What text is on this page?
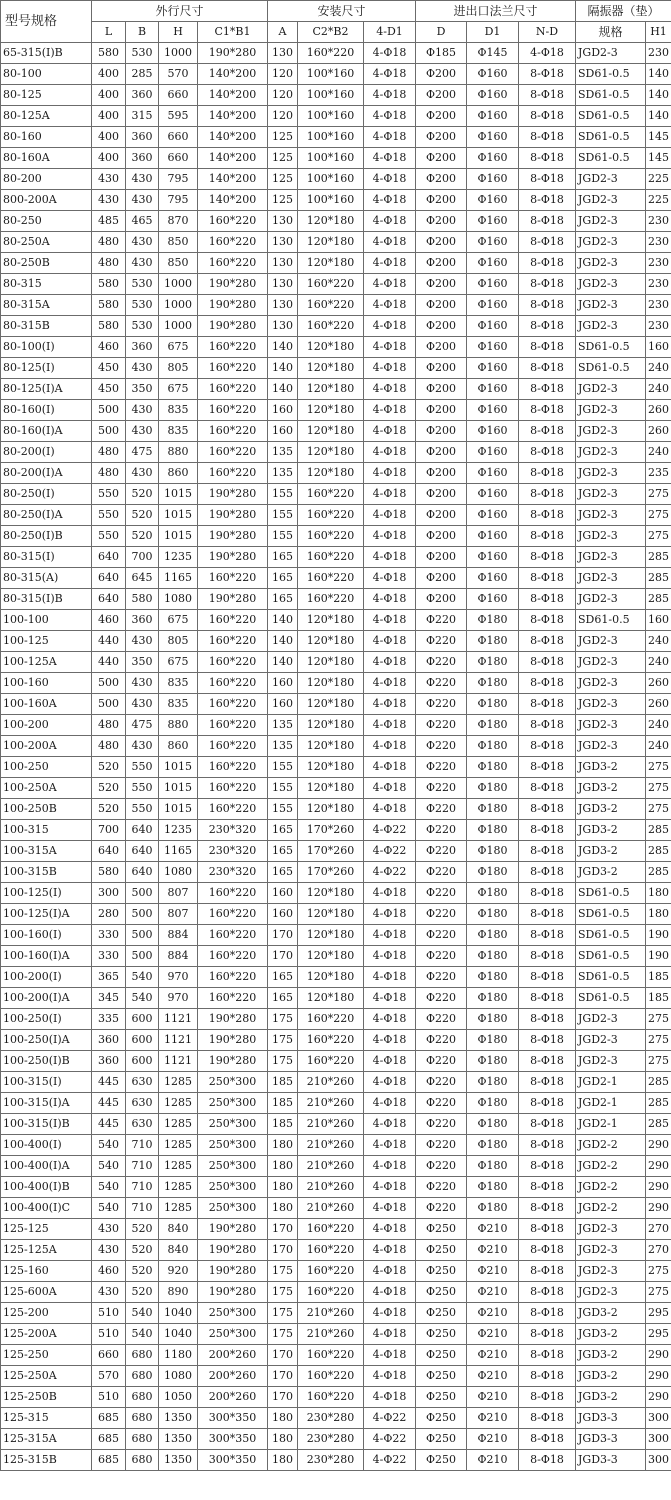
型号规格	外行尺寸				安装尺寸			进出口法兰尺寸			隔振器（垫）	
	L	B	H	C1*B1	A	C2*B2	4-D1	D	D1	N-D	规格	H1
65-315(I)B	580	530	1000	190*280	130	160*220	4-Φ18	Φ185	Φ145	4-Φ18	JGD2-3	230
80-100	400	285	570	140*200	120	100*160	4-Φ18	Φ200	Φ160	8-Φ18	SD61-0.5	140
80-125	400	360	660	140*200	120	100*160	4-Φ18	Φ200	Φ160	8-Φ18	SD61-0.5	140
80-125A	400	315	595	140*200	120	100*160	4-Φ18	Φ200	Φ160	8-Φ18	SD61-0.5	140
80-160	400	360	660	140*200	125	100*160	4-Φ18	Φ200	Φ160	8-Φ18	SD61-0.5	145
80-160A	400	360	660	140*200	125	100*160	4-Φ18	Φ200	Φ160	8-Φ18	SD61-0.5	145
80-200	430	430	795	140*200	125	100*160	4-Φ18	Φ200	Φ160	8-Φ18	JGD2-3	225
800-200A	430	430	795	140*200	125	100*160	4-Φ18	Φ200	Φ160	8-Φ18	JGD2-3	225
80-250	485	465	870	160*220	130	120*180	4-Φ18	Φ200	Φ160	8-Φ18	JGD2-3	230
80-250A	480	430	850	160*220	130	120*180	4-Φ18	Φ200	Φ160	8-Φ18	JGD2-3	230
80-250B	480	430	850	160*220	130	120*180	4-Φ18	Φ200	Φ160	8-Φ18	JGD2-3	230
80-315	580	530	1000	190*280	130	160*220	4-Φ18	Φ200	Φ160	8-Φ18	JGD2-3	230
80-315A	580	530	1000	190*280	130	160*220	4-Φ18	Φ200	Φ160	8-Φ18	JGD2-3	230
80-315B	580	530	1000	190*280	130	160*220	4-Φ18	Φ200	Φ160	8-Φ18	JGD2-3	230
80-100(I)	460	360	675	160*220	140	120*180	4-Φ18	Φ200	Φ160	8-Φ18	SD61-0.5	160
80-125(I)	450	430	805	160*220	140	120*180	4-Φ18	Φ200	Φ160	8-Φ18	SD61-0.5	240
80-125(I)A	450	350	675	160*220	140	120*180	4-Φ18	Φ200	Φ160	8-Φ18	JGD2-3	240
80-160(I)	500	430	835	160*220	160	120*180	4-Φ18	Φ200	Φ160	8-Φ18	JGD2-3	260
80-160(I)A	500	430	835	160*220	160	120*180	4-Φ18	Φ200	Φ160	8-Φ18	JGD2-3	260
80-200(I)	480	475	880	160*220	135	120*180	4-Φ18	Φ200	Φ160	8-Φ18	JGD2-3	240
80-200(I)A	480	430	860	160*220	135	120*180	4-Φ18	Φ200	Φ160	8-Φ18	JGD2-3	235
80-250(I)	550	520	1015	190*280	155	160*220	4-Φ18	Φ200	Φ160	8-Φ18	JGD2-3	275
80-250(I)A	550	520	1015	190*280	155	160*220	4-Φ18	Φ200	Φ160	8-Φ18	JGD2-3	275
80-250(I)B	550	520	1015	190*280	155	160*220	4-Φ18	Φ200	Φ160	8-Φ18	JGD2-3	275
80-315(I)	640	700	1235	190*280	165	160*220	4-Φ18	Φ200	Φ160	8-Φ18	JGD2-3	285
80-315(A)	640	645	1165	160*220	165	160*220	4-Φ18	Φ200	Φ160	8-Φ18	JGD2-3	285
80-315(I)B	640	580	1080	190*280	165	160*220	4-Φ18	Φ200	Φ160	8-Φ18	JGD2-3	285
100-100	460	360	675	160*220	140	120*180	4-Φ18	Φ220	Φ180	8-Φ18	SD61-0.5	160
100-125	440	430	805	160*220	140	120*180	4-Φ18	Φ220	Φ180	8-Φ18	JGD2-3	240
100-125A	440	350	675	160*220	140	120*180	4-Φ18	Φ220	Φ180	8-Φ18	JGD2-3	240
100-160	500	430	835	160*220	160	120*180	4-Φ18	Φ220	Φ180	8-Φ18	JGD2-3	260
100-160A	500	430	835	160*220	160	120*180	4-Φ18	Φ220	Φ180	8-Φ18	JGD2-3	260
100-200	480	475	880	160*220	135	120*180	4-Φ18	Φ220	Φ180	8-Φ18	JGD2-3	240
100-200A	480	430	860	160*220	135	120*180	4-Φ18	Φ220	Φ180	8-Φ18	JGD2-3	240
100-250	520	550	1015	160*220	155	120*180	4-Φ18	Φ220	Φ180	8-Φ18	JGD3-2	275
100-250A	520	550	1015	160*220	155	120*180	4-Φ18	Φ220	Φ180	8-Φ18	JGD3-2	275
100-250B	520	550	1015	160*220	155	120*180	4-Φ18	Φ220	Φ180	8-Φ18	JGD3-2	275
100-315	700	640	1235	230*320	165	170*260	4-Φ22	Φ220	Φ180	8-Φ18	JGD3-2	285
100-315A	640	640	1165	230*320	165	170*260	4-Φ22	Φ220	Φ180	8-Φ18	JGD3-2	285
100-315B	580	640	1080	230*320	165	170*260	4-Φ22	Φ220	Φ180	8-Φ18	JGD3-2	285
100-125(I)	300	500	807	160*220	160	120*180	4-Φ18	Φ220	Φ180	8-Φ18	SD61-0.5	180
100-125(I)A	280	500	807	160*220	160	120*180	4-Φ18	Φ220	Φ180	8-Φ18	SD61-0.5	180
100-160(I)	330	500	884	160*220	170	120*180	4-Φ18	Φ220	Φ180	8-Φ18	SD61-0.5	190
100-160(I)A	330	500	884	160*220	170	120*180	4-Φ18	Φ220	Φ180	8-Φ18	SD61-0.5	190
100-200(I)	365	540	970	160*220	165	120*180	4-Φ18	Φ220	Φ180	8-Φ18	SD61-0.5	185
100-200(I)A	345	540	970	160*220	165	120*180	4-Φ18	Φ220	Φ180	8-Φ18	SD61-0.5	185
100-250(I)	335	600	1121	190*280	175	160*220	4-Φ18	Φ220	Φ180	8-Φ18	JGD2-3	275
100-250(I)A	360	600	1121	190*280	175	160*220	4-Φ18	Φ220	Φ180	8-Φ18	JGD2-3	275
100-250(I)B	360	600	1121	190*280	175	160*220	4-Φ18	Φ220	Φ180	8-Φ18	JGD2-3	275
100-315(I)	445	630	1285	250*300	185	210*260	4-Φ18	Φ220	Φ180	8-Φ18	JGD2-1	285
100-315(I)A	445	630	1285	250*300	185	210*260	4-Φ18	Φ220	Φ180	8-Φ18	JGD2-1	285
100-315(I)B	445	630	1285	250*300	185	210*260	4-Φ18	Φ220	Φ180	8-Φ18	JGD2-1	285
100-400(I)	540	710	1285	250*300	180	210*260	4-Φ18	Φ220	Φ180	8-Φ18	JGD2-2	290
100-400(I)A	540	710	1285	250*300	180	210*260	4-Φ18	Φ220	Φ180	8-Φ18	JGD2-2	290
100-400(I)B	540	710	1285	250*300	180	210*260	4-Φ18	Φ220	Φ180	8-Φ18	JGD2-2	290
100-400(I)C	540	710	1285	250*300	180	210*260	4-Φ18	Φ220	Φ180	8-Φ18	JGD2-2	290
125-125	430	520	840	190*280	170	160*220	4-Φ18	Φ250	Φ210	8-Φ18	JGD2-3	270
125-125A	430	520	840	190*280	170	160*220	4-Φ18	Φ250	Φ210	8-Φ18	JGD2-3	270
125-160	460	520	920	190*280	175	160*220	4-Φ18	Φ250	Φ210	8-Φ18	JGD2-3	275
125-600A	430	520	890	190*280	175	160*220	4-Φ18	Φ250	Φ210	8-Φ18	JGD2-3	275
125-200	510	540	1040	250*300	175	210*260	4-Φ18	Φ250	Φ210	8-Φ18	JGD3-2	295
125-200A	510	540	1040	250*300	175	210*260	4-Φ18	Φ250	Φ210	8-Φ18	JGD3-2	295
125-250	660	680	1180	200*260	170	160*220	4-Φ18	Φ250	Φ210	8-Φ18	JGD3-2	290
125-250A	570	680	1080	200*260	170	160*220	4-Φ18	Φ250	Φ210	8-Φ18	JGD3-2	290
125-250B	510	680	1050	200*260	170	160*220	4-Φ18	Φ250	Φ210	8-Φ18	JGD3-2	290
125-315	685	680	1350	300*350	180	230*280	4-Φ22	Φ250	Φ210	8-Φ18	JGD3-3	300
125-315A	685	680	1350	300*350	180	230*280	4-Φ22	Φ250	Φ210	8-Φ18	JGD3-3	300
125-315B	685	680	1350	300*350	180	230*280	4-Φ22	Φ250	Φ210	8-Φ18	JGD3-3	300
